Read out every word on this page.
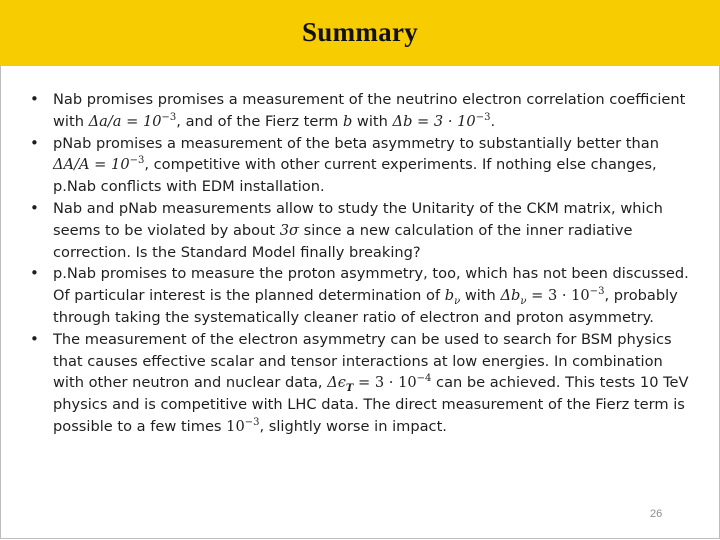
Summary
• Nab promises promises a measurement of the neutrino electron correlation coefficient with $\Delta a/a = 10^{-3}$, and of the Fierz term b with $\Delta b = 3 \cdot 10^{-3}$.
• pNab promises a measurement of the beta asymmetry to substantially better than $\Delta A/A = 10^{-3}$, competitive with other current experiments. If nothing else changes, p.Nab conflicts with EDM installation.
• Nab and pNab measurements allow to study the Unitarity of the CKM matrix, which seems to be violated by about 3σ since a new calculation of the inner radiative correction. Is the Standard Model finally breaking?
• p.Nab promises to measure the proton asymmetry, too, which has not been discussed. Of particular interest is the planned determination of $b_\nu$ with $\Delta b_\nu = 3 \cdot 10^{-3}$, probably through taking the systematically cleaner ratio of electron and proton asymmetry.
• The measurement of the electron asymmetry can be used to search for BSM physics that causes effective scalar and tensor interactions at low energies. In combination with other neutron and nuclear data, $\Delta\epsilon_T = 3 \cdot 10^{-4}$ can be achieved. This tests 10 TeV physics and is competitive with LHC data. The direct measurement of the Fierz term is possible to a few times $10^{-3}$, slightly worse in impact.
26
